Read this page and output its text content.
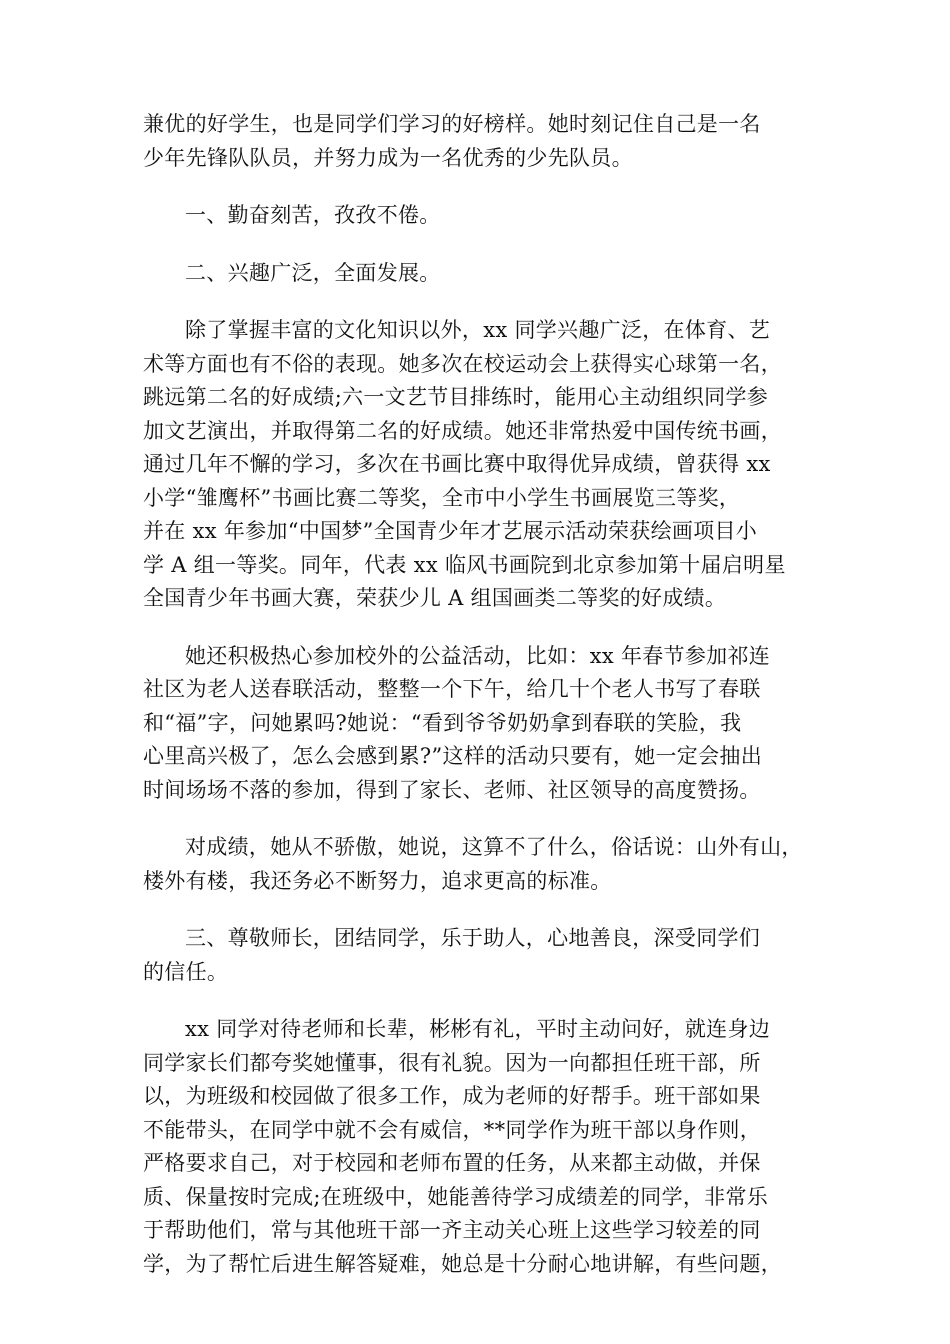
兼优的好学生，也是同学们学习的好榜样。她时刻记住自己是一名
少年先锋队队员，并努力成为一名优秀的少先队员。

一、勤奋刻苦，孜孜不倦。

二、兴趣广泛，全面发展。

除了掌握丰富的文化知识以外，xx 同学兴趣广泛，在体育、艺
术等方面也有不俗的表现。她多次在校运动会上获得实心球第一名，
跳远第二名的好成绩;六一文艺节目排练时，能用心主动组织同学参
加文艺演出，并取得第二名的好成绩。她还非常热爱中国传统书画，
通过几年不懈的学习，多次在书画比赛中取得优异成绩，曾获得 xx
小学“雏鹰杯”书画比赛二等奖，全市中小学生书画展览三等奖，
并在 xx 年参加“中国梦”全国青少年才艺展示活动荣获绘画项目小
学 A 组一等奖。同年，代表 xx 临风书画院到北京参加第十届启明星
全国青少年书画大赛，荣获少儿 A 组国画类二等奖的好成绩。

她还积极热心参加校外的公益活动，比如：xx 年春节参加祁连
社区为老人送春联活动，整整一个下午，给几十个老人书写了春联
和“福”字，问她累吗?她说：“看到爷爷奶奶拿到春联的笑脸，我
心里高兴极了，怎么会感到累?”这样的活动只要有，她一定会抽出
时间场场不落的参加，得到了家长、老师、社区领导的高度赞扬。

对成绩，她从不骄傲，她说，这算不了什么，俗话说：山外有山，
楼外有楼，我还务必不断努力，追求更高的标准。

三、尊敬师长，团结同学，乐于助人，心地善良，深受同学们
的信任。

xx 同学对待老师和长辈，彬彬有礼，平时主动问好，就连身边
同学家长们都夸奖她懂事，很有礼貌。因为一向都担任班干部，所
以，为班级和校园做了很多工作，成为老师的好帮手。班干部如果
不能带头，在同学中就不会有威信，**同学作为班干部以身作则，
严格要求自己，对于校园和老师布置的任务，从来都主动做，并保
质、保量按时完成;在班级中，她能善待学习成绩差的同学，非常乐
于帮助他们，常与其他班干部一齐主动关心班上这些学习较差的同
学，为了帮忙后进生解答疑难，她总是十分耐心地讲解，有些问题，
